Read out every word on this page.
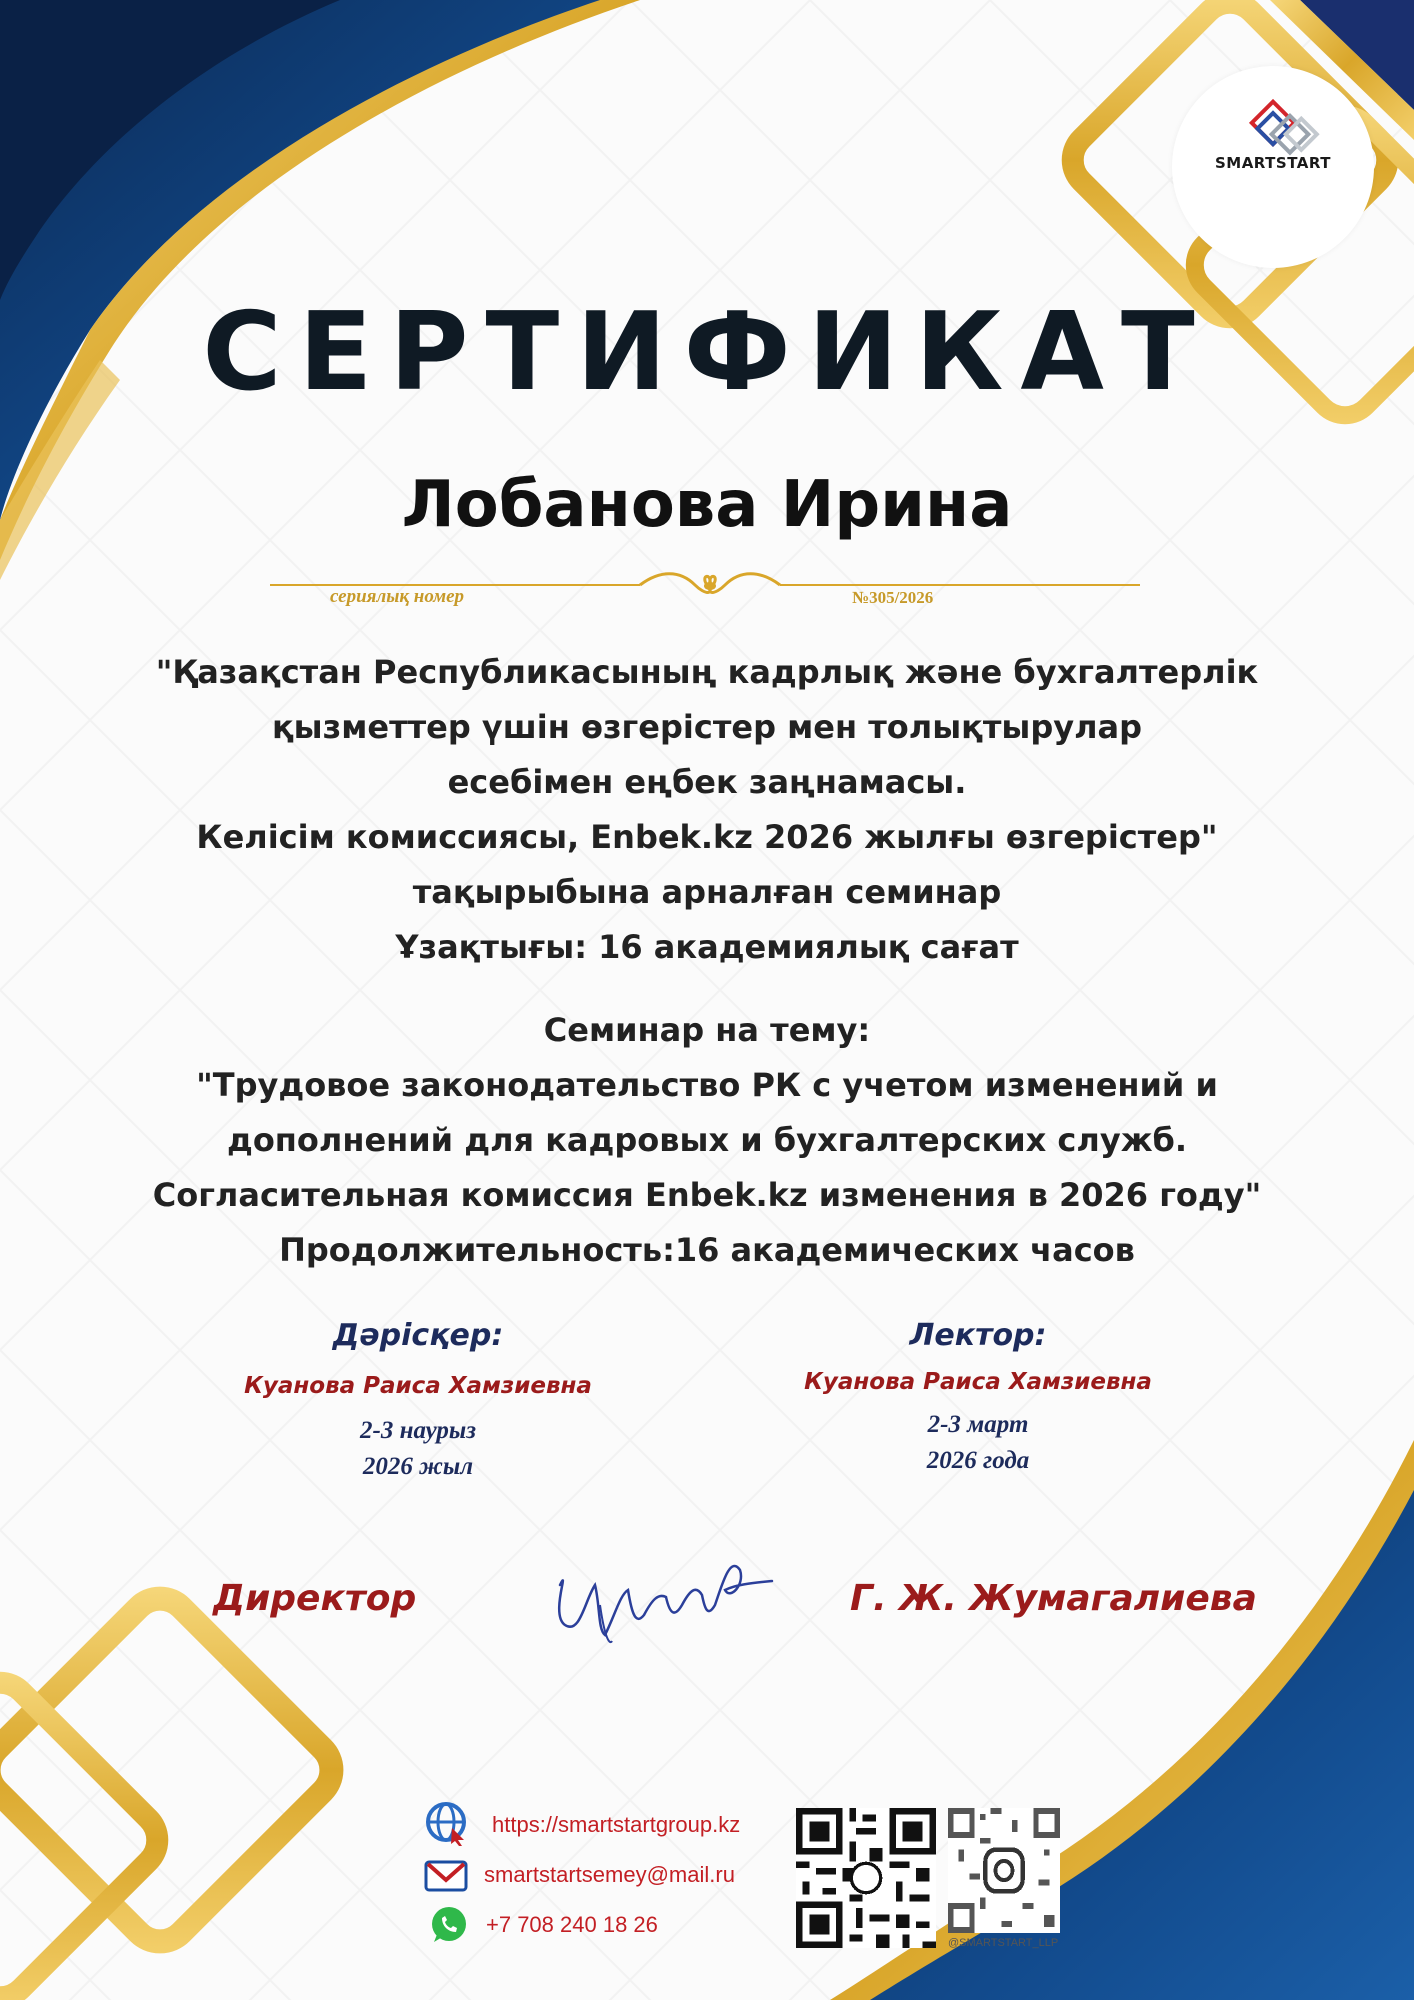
SMARTSTART
СЕРТИФИКАТ
Лобанова Ирина
сериялық номер	№305/2026
"Қазақстан Республикасының кадрлық және бухгалтерлік
қызметтер үшін өзгерістер мен толықтырулар
есебімен еңбек заңнамасы.
Келісім комиссиясы, Enbek.kz 2026 жылғы өзгерістер"
тақырыбына арналған семинар
Ұзақтығы: 16 академиялық сағат
Семинар на тему:
"Трудовое законодательство РК с учетом изменений и
дополнений для кадровых и бухгалтерских служб.
Согласительная комиссия Enbek.kz изменения в 2026 году"
Продолжительность:16 академических часов
Дәрісқер:
Куанова Раиса Хамзиевна
2-3 наурыз
2026 жыл
Лектор:
Куанова Раиса Хамзиевна
2-3 март
2026 года
Директор	Г. Ж. Жумагалиева
https://smartstartgroup.kz
smartstartsemey@mail.ru
+7 708 240 18 26
@SMARTSTART_LLP
